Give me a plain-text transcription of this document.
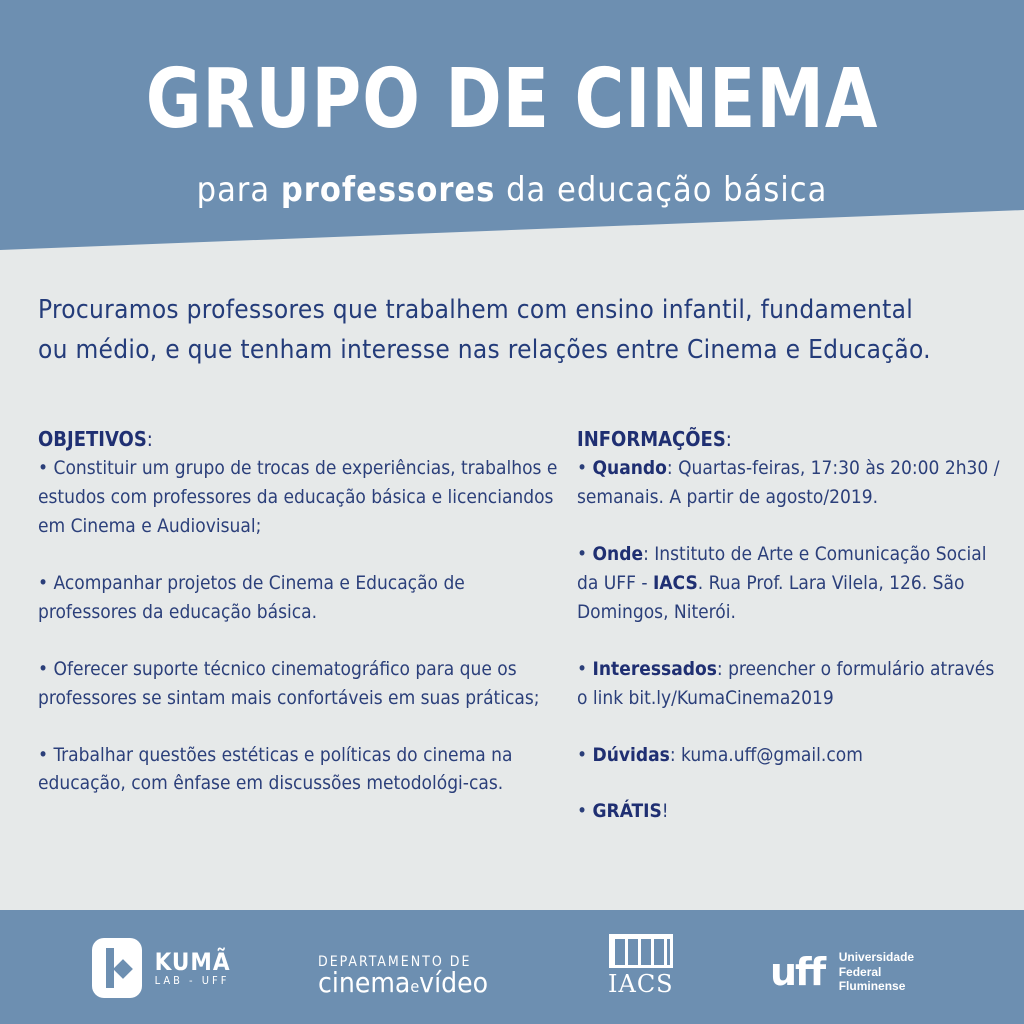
GRUPO DE CINEMA
para professores da educação básica
Procuramos professores que trabalhem com ensino infantil, fundamental
ou médio, e que tenham interesse nas relações entre Cinema e Educação.
OBJETIVOS:

• Constituir um grupo de trocas de experiências, trabalhos e estudos com professores da educação básica e licenciandos em Cinema e Audiovisual;

• Acompanhar projetos de Cinema e Educação de professores da educação básica.

• Oferecer suporte técnico cinematográfico para que os professores se sintam mais confortáveis em suas práticas;

• Trabalhar questões estéticas e políticas do cinema na educação, com ênfase em discussões metodológi-cas.

INFORMAÇÕES:

• Quando: Quartas-feiras, 17:30 às 20:00 2h30 / semanais. A partir de agosto/2019.

• Onde: Instituto de Arte e Comunicação Social da UFF - IACS. Rua Prof. Lara Vilela, 126. São Domingos, Niterói.

• Interessados: preencher o formulário através o link bit.ly/KumaCinema2019

• Dúvidas: kuma.uff@gmail.com

• GRÁTIS!

KUMÃ
LAB - UFF
DEPARTAMENTO DE
cinemaevídeo	IACS	uff Universidade
Federal
Fluminense
